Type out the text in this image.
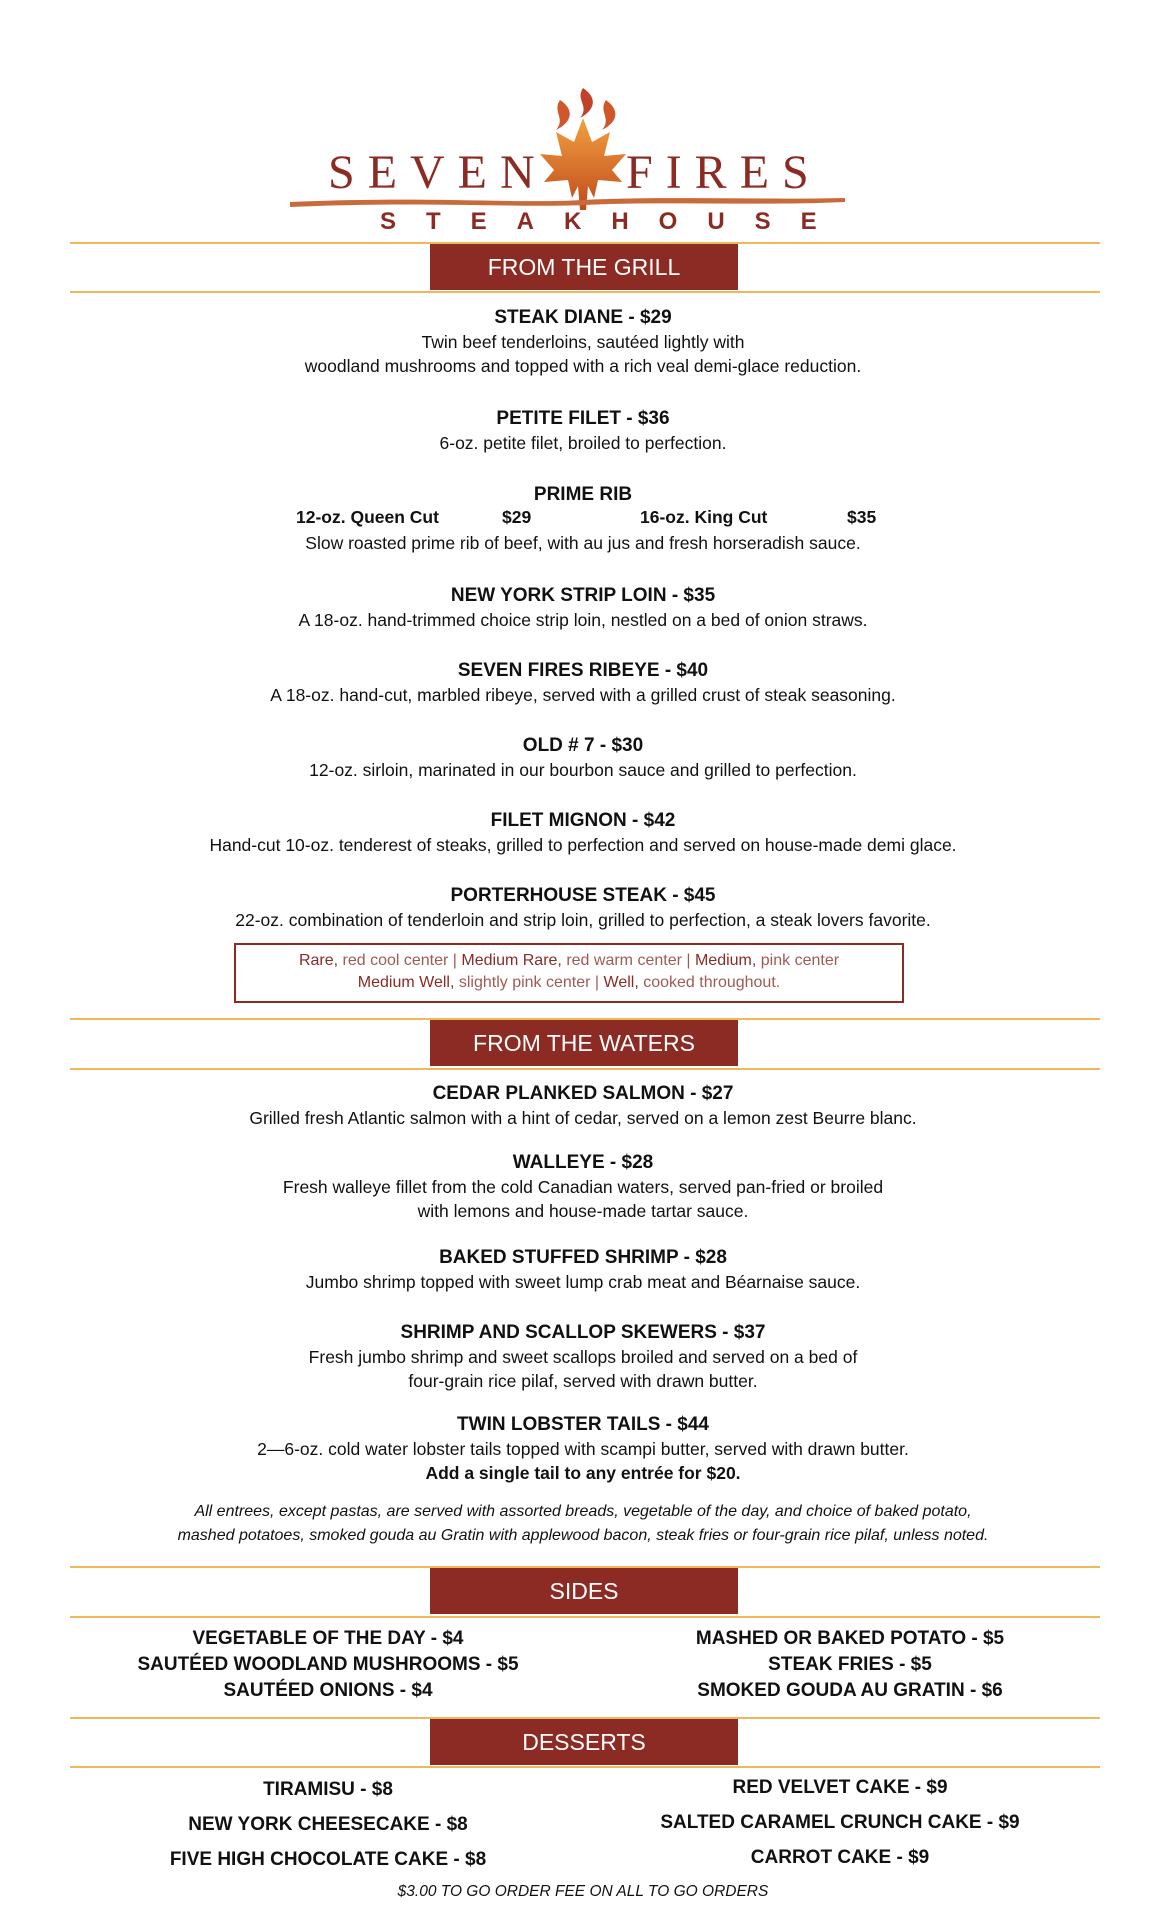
SEVEN FIRES
STEAKHOUSE
FROM THE GRILL
STEAK DIANE - $29
Twin beef tenderloins, sautéed lightly with
woodland mushrooms and topped with a rich veal demi-glace reduction.
PETITE FILET - $36
6-oz. petite filet, broiled to perfection.
PRIME RIB
12-oz. Queen Cut	$29	16-oz. King Cut	$35
Slow roasted prime rib of beef, with au jus and fresh horseradish sauce.
NEW YORK STRIP LOIN - $35
A 18-oz. hand-trimmed choice strip loin, nestled on a bed of onion straws.
SEVEN FIRES RIBEYE - $40
A 18-oz. hand-cut, marbled ribeye, served with a grilled crust of steak seasoning.
OLD # 7 - $30
12-oz. sirloin, marinated in our bourbon sauce and grilled to perfection.
FILET MIGNON - $42
Hand-cut 10-oz. tenderest of steaks, grilled to perfection and served on house-made demi glace.
PORTERHOUSE STEAK - $45
22-oz. combination of tenderloin and strip loin, grilled to perfection, a steak lovers favorite.
Rare, red cool center | Medium Rare, red warm center | Medium, pink center
Medium Well, slightly pink center | Well, cooked throughout.
FROM THE WATERS
CEDAR PLANKED SALMON - $27
Grilled fresh Atlantic salmon with a hint of cedar, served on a lemon zest Beurre blanc.
WALLEYE - $28
Fresh walleye fillet from the cold Canadian waters, served pan-fried or broiled
with lemons and house-made tartar sauce.
BAKED STUFFED SHRIMP - $28
Jumbo shrimp topped with sweet lump crab meat and Béarnaise sauce.
SHRIMP AND SCALLOP SKEWERS - $37
Fresh jumbo shrimp and sweet scallops broiled and served on a bed of
four-grain rice pilaf, served with drawn butter.
TWIN LOBSTER TAILS - $44
2—6-oz. cold water lobster tails topped with scampi butter, served with drawn butter.
Add a single tail to any entrée for $20.
All entrees, except pastas, are served with assorted breads, vegetable of the day, and choice of baked potato,
mashed potatoes, smoked gouda au Gratin with applewood bacon, steak fries or four-grain rice pilaf, unless noted.
SIDES
VEGETABLE OF THE DAY - $4
SAUTÉED WOODLAND MUSHROOMS - $5
SAUTÉED ONIONS - $4
MASHED OR BAKED POTATO - $5
STEAK FRIES - $5
SMOKED GOUDA AU GRATIN - $6
DESSERTS
TIRAMISU - $8
NEW YORK CHEESECAKE - $8
FIVE HIGH CHOCOLATE CAKE - $8
RED VELVET CAKE - $9
SALTED CARAMEL CRUNCH CAKE - $9
CARROT CAKE - $9
$3.00 TO GO ORDER FEE ON ALL TO GO ORDERS
